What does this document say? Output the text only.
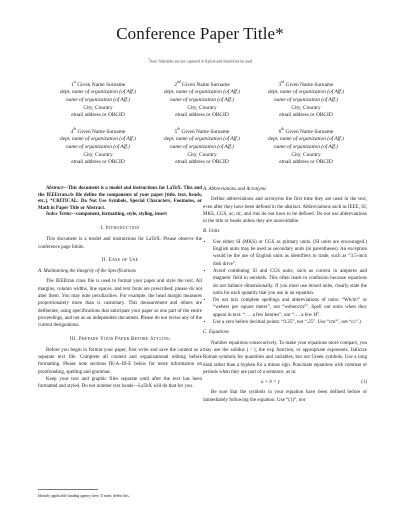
Conference Paper Title*
*Note: Sub-titles are not captured in Xplore and should not be used
1st Given Name Surname
dept. name of organization (of Aff.)
name of organization (of Aff.)
City, Country
email address or ORCID
2nd Given Name Surname
dept. name of organization (of Aff.)
name of organization (of Aff.)
City, Country
email address or ORCID
3rd Given Name Surname
dept. name of organization (of Aff.)
name of organization (of Aff.)
City, Country
email address or ORCID
4th Given Name Surname
dept. name of organization (of Aff.)
name of organization (of Aff.)
City, Country
email address or ORCID
5th Given Name Surname
dept. name of organization (of Aff.)
name of organization (of Aff.)
City, Country
email address or ORCID
6th Given Name Surname
dept. name of organization (of Aff.)
name of organization (of Aff.)
City, Country
email address or ORCID

Abstract—This document is a model and instructions for LaTeX. This and the IEEEtran.cls file define the components of your paper [title, text, heads, etc.]. *CRITICAL: Do Not Use Symbols, Special Characters, Footnotes, or Math in Paper Title or Abstract.

Index Terms—component, formatting, style, styling, insert

I. Introduction

This document is a model and instructions for LaTeX. Please observe the conference page limits.

II. Ease of Use
A. Maintaining the Integrity of the Specifications

The IEEEtran class file is used to format your paper and style the text. All margins, column widths, line spaces, and text fonts are prescribed; please do not alter them. You may note peculiarities. For example, the head margin measures proportionately more than is customary. This measurement and others are deliberate, using specifications that anticipate your paper as one part of the entire proceedings, and not as an independent document. Please do not revise any of the current designations.

III. Prepare Your Paper Before Styling

Before you begin to format your paper, first write and save the content as a separate text file. Complete all content and organizational editing before formatting. Please note sections III-A–III-E below for more information on proofreading, spelling and grammar.

Keep your text and graphic files separate until after the text has been formatted and styled. Do not number text heads—LaTeX will do that for you.

Identify applicable funding agency here. If none, delete this.
A. Abbreviations and Acronyms

Define abbreviations and acronyms the first time they are used in the text, even after they have been defined in the abstract. Abbreviations such as IEEE, SI, MKS, CGS, ac, dc, and rms do not have to be defined. Do not use abbreviations in the title or heads unless they are unavoidable.

B. Units
• Use either SI (MKS) or CGS as primary units. (SI units are encouraged.) English units may be used as secondary units (in parentheses). An exception would be the use of English units as identifiers in trade, such as “3.5-inch disk drive”.
• Avoid combining SI and CGS units, such as current in amperes and magnetic field in oersteds. This often leads to confusion because equations do not balance dimensionally. If you must use mixed units, clearly state the units for each quantity that you use in an equation.
• Do not mix complete spellings and abbreviations of units: “Wb/m²” or “webers per square meter”, not “webers/m²”. Spell out units when they appear in text: “. . . a few henries”, not “. . . a few H”.
• Use a zero before decimal points: “0.25”, not “.25”. Use “cm³”, not “cc”.)
C. Equations

Number equations consecutively. To make your equations more compact, you may use the solidus ( / ), the exp function, or appropriate exponents. Italicize Roman symbols for quantities and variables, but not Greek symbols. Use a long dash rather than a hyphen for a minus sign. Punctuate equations with commas or periods when they are part of a sentence, as in:

a + b = γ	(1)

Be sure that the symbols in your equation have been defined before or immediately following the equation. Use “(1)”, not
